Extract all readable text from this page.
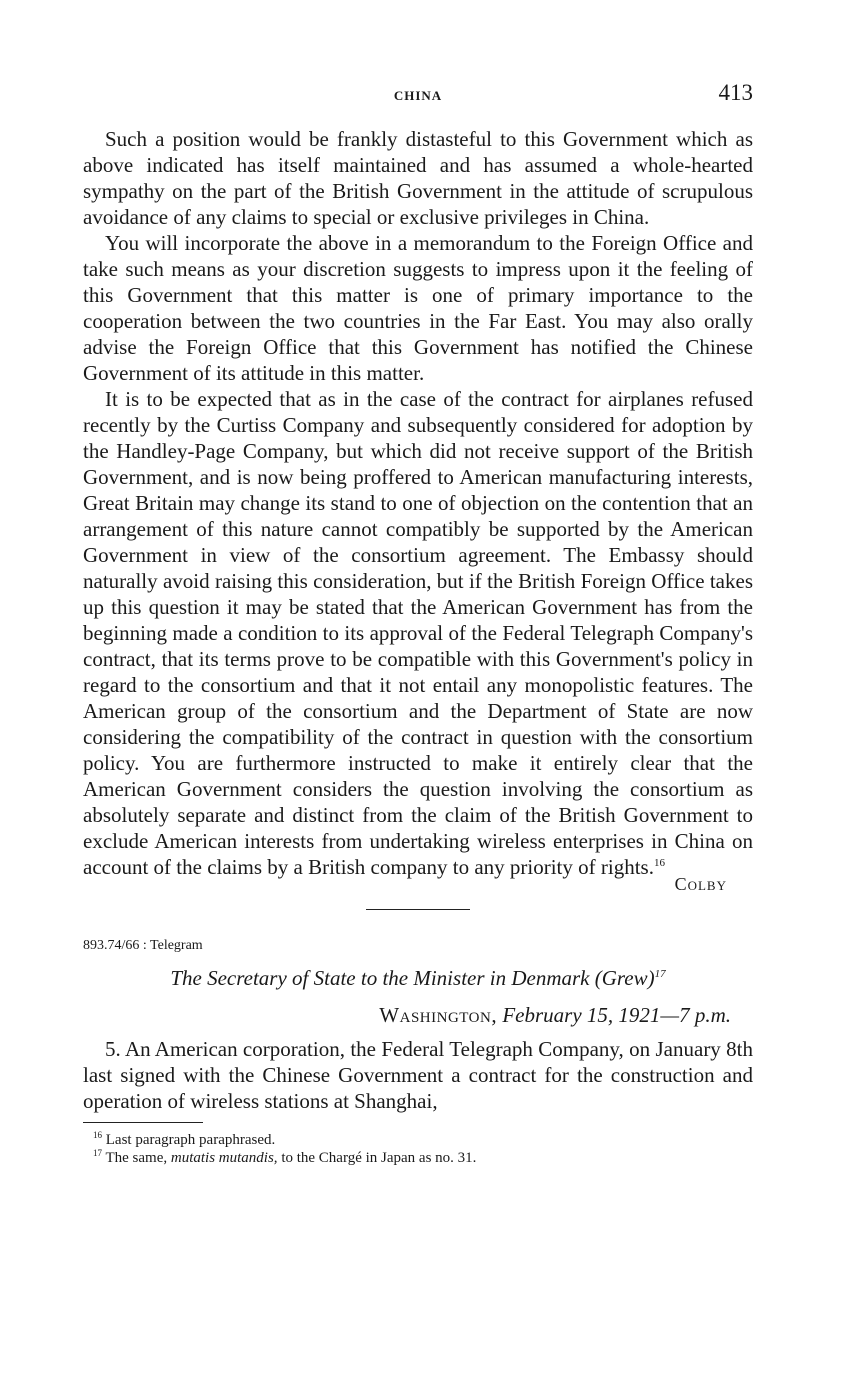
CHINA	413

Such a position would be frankly distasteful to this Government which as above indicated has itself maintained and has assumed a whole-hearted sympathy on the part of the British Government in the attitude of scrupulous avoidance of any claims to special or exclusive privileges in China.

You will incorporate the above in a memorandum to the Foreign Office and take such means as your discretion suggests to impress upon it the feeling of this Government that this matter is one of primary importance to the cooperation between the two countries in the Far East. You may also orally advise the Foreign Office that this Government has notified the Chinese Government of its attitude in this matter.

It is to be expected that as in the case of the contract for airplanes refused recently by the Curtiss Company and subsequently considered for adoption by the Handley-Page Company, but which did not receive support of the British Government, and is now being proffered to American manufacturing interests, Great Britain may change its stand to one of objection on the contention that an arrangement of this nature cannot compatibly be supported by the American Government in view of the consortium agreement. The Embassy should naturally avoid raising this consideration, but if the British Foreign Office takes up this question it may be stated that the American Government has from the beginning made a condition to its approval of the Federal Telegraph Company's contract, that its terms prove to be compatible with this Government's policy in regard to the consortium and that it not entail any monopolistic features. The American group of the consortium and the Department of State are now considering the compatibility of the contract in question with the consortium policy. You are furthermore instructed to make it entirely clear that the American Government considers the question involving the consortium as absolutely separate and distinct from the claim of the British Government to exclude American interests from undertaking wireless enterprises in China on account of the claims by a British company to any priority of rights.$^{16}$

Colby
893.74/66 : Telegram
The Secretary of State to the Minister in Denmark (Grew)$^{17}$
Washington, February 15, 1921—7 p.m.

5. An American corporation, the Federal Telegraph Company, on January 8th last signed with the Chinese Government a contract for the construction and operation of wireless stations at Shanghai,

$^{16}$ Last paragraph paraphrased.
$^{17}$ The same, mutatis mutandis, to the Chargé in Japan as no. 31.
